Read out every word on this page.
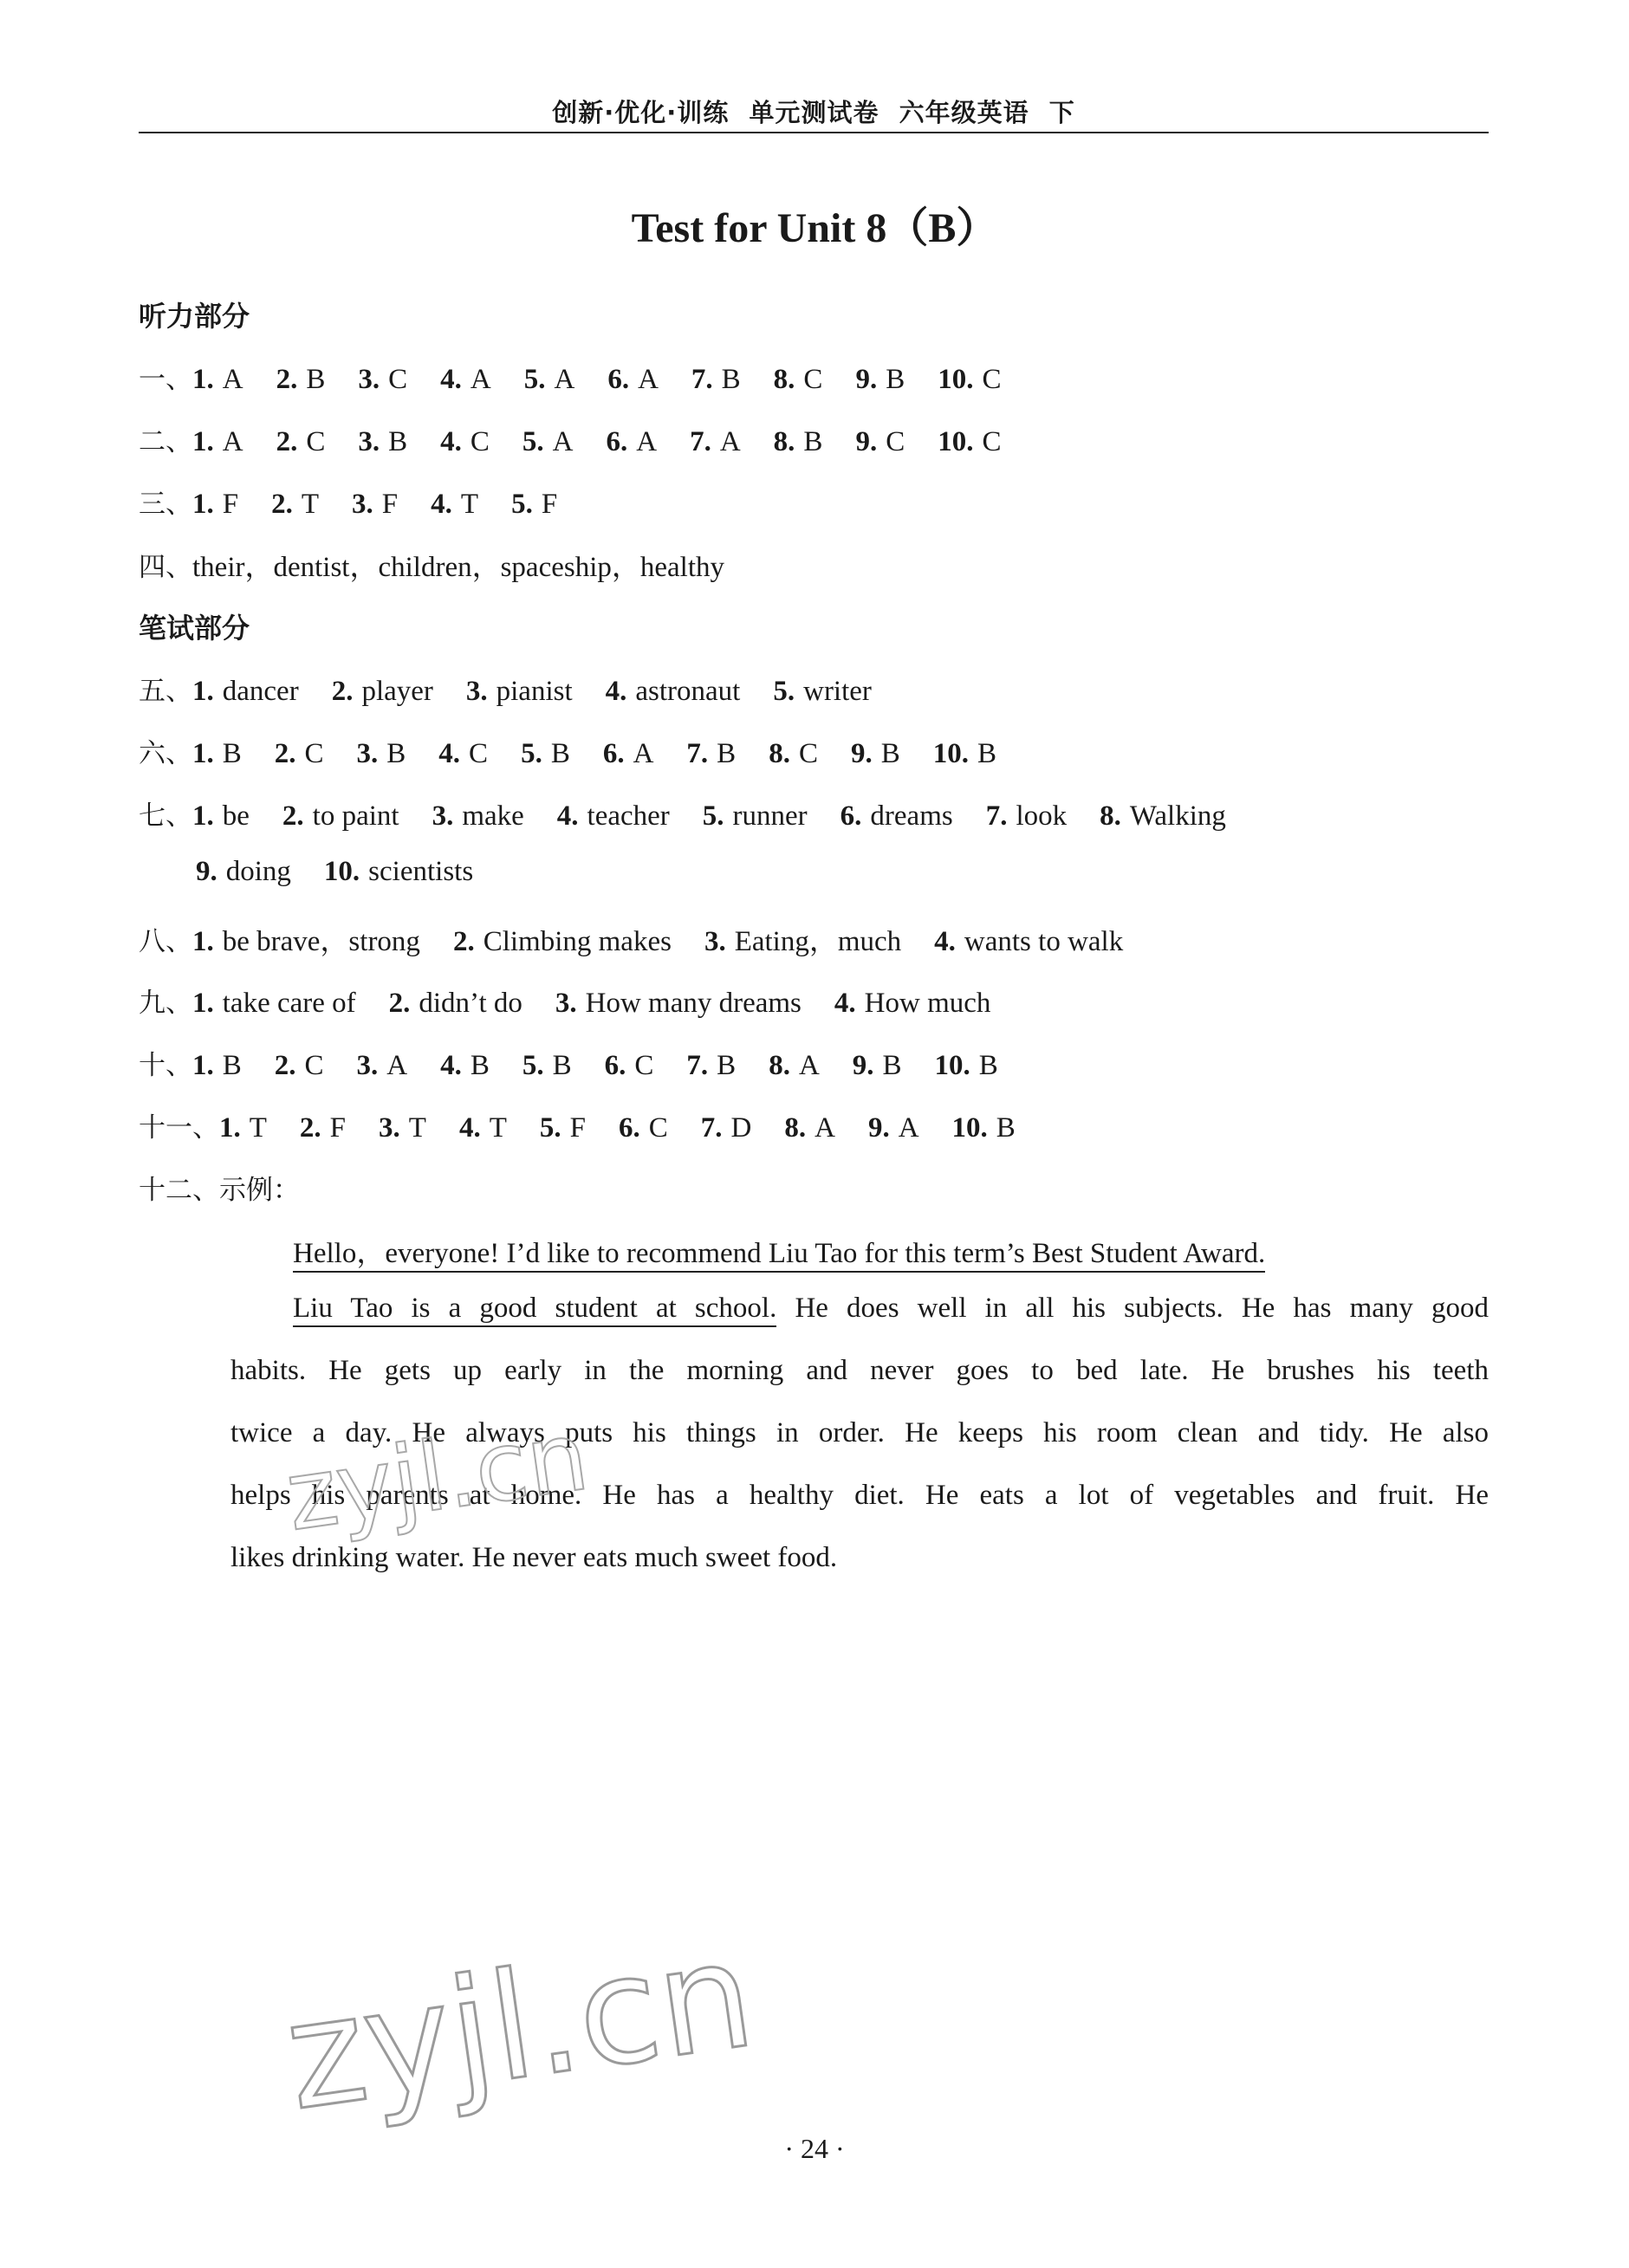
创新·优化·训练 单元测试卷 六年级英语 下
Test for Unit 8（B）
听力部分
一、1. A 2. B 3. C 4. A 5. A 6. A 7. B 8. C 9. B 10. C
二、1. A 2. C 3. B 4. C 5. A 6. A 7. A 8. B 9. C 10. C
三、1. F 2. T 3. F 4. T 5. F
四、their，dentist，children，spaceship，healthy
笔试部分
五、1. dancer 2. player 3. pianist 4. astronaut 5. writer
六、1. B 2. C 3. B 4. C 5. B 6. A 7. B 8. C 9. B 10. B
七、1. be 2. to paint 3. make 4. teacher 5. runner 6. dreams 7. look 8. Walking
9. doing 10. scientists
八、1. be brave，strong 2. Climbing makes 3. Eating，much 4. wants to walk
九、1. take care of 2. didn’t do 3. How many dreams 4. How much
十、1. B 2. C 3. A 4. B 5. B 6. C 7. B 8. A 9. B 10. B
十一、1. T 2. F 3. T 4. T 5. F 6. C 7. D 8. A 9. A 10. B
十二、示例：
Hello，everyone! I’d like to recommend Liu Tao for this term’s Best Student Award.
Liu Tao is a good student at school. He does well in all his subjects. He has many good
habits. He gets up early in the morning and never goes to bed late. He brushes his teeth
twice a day. He always puts his things in order. He keeps his room clean and tidy. He also
helps his parents at home. He has a healthy diet. He eats a lot of vegetables and fruit. He
likes drinking water. He never eats much sweet food.
zyjl.cn
zyjl.cn
· 24 ·
